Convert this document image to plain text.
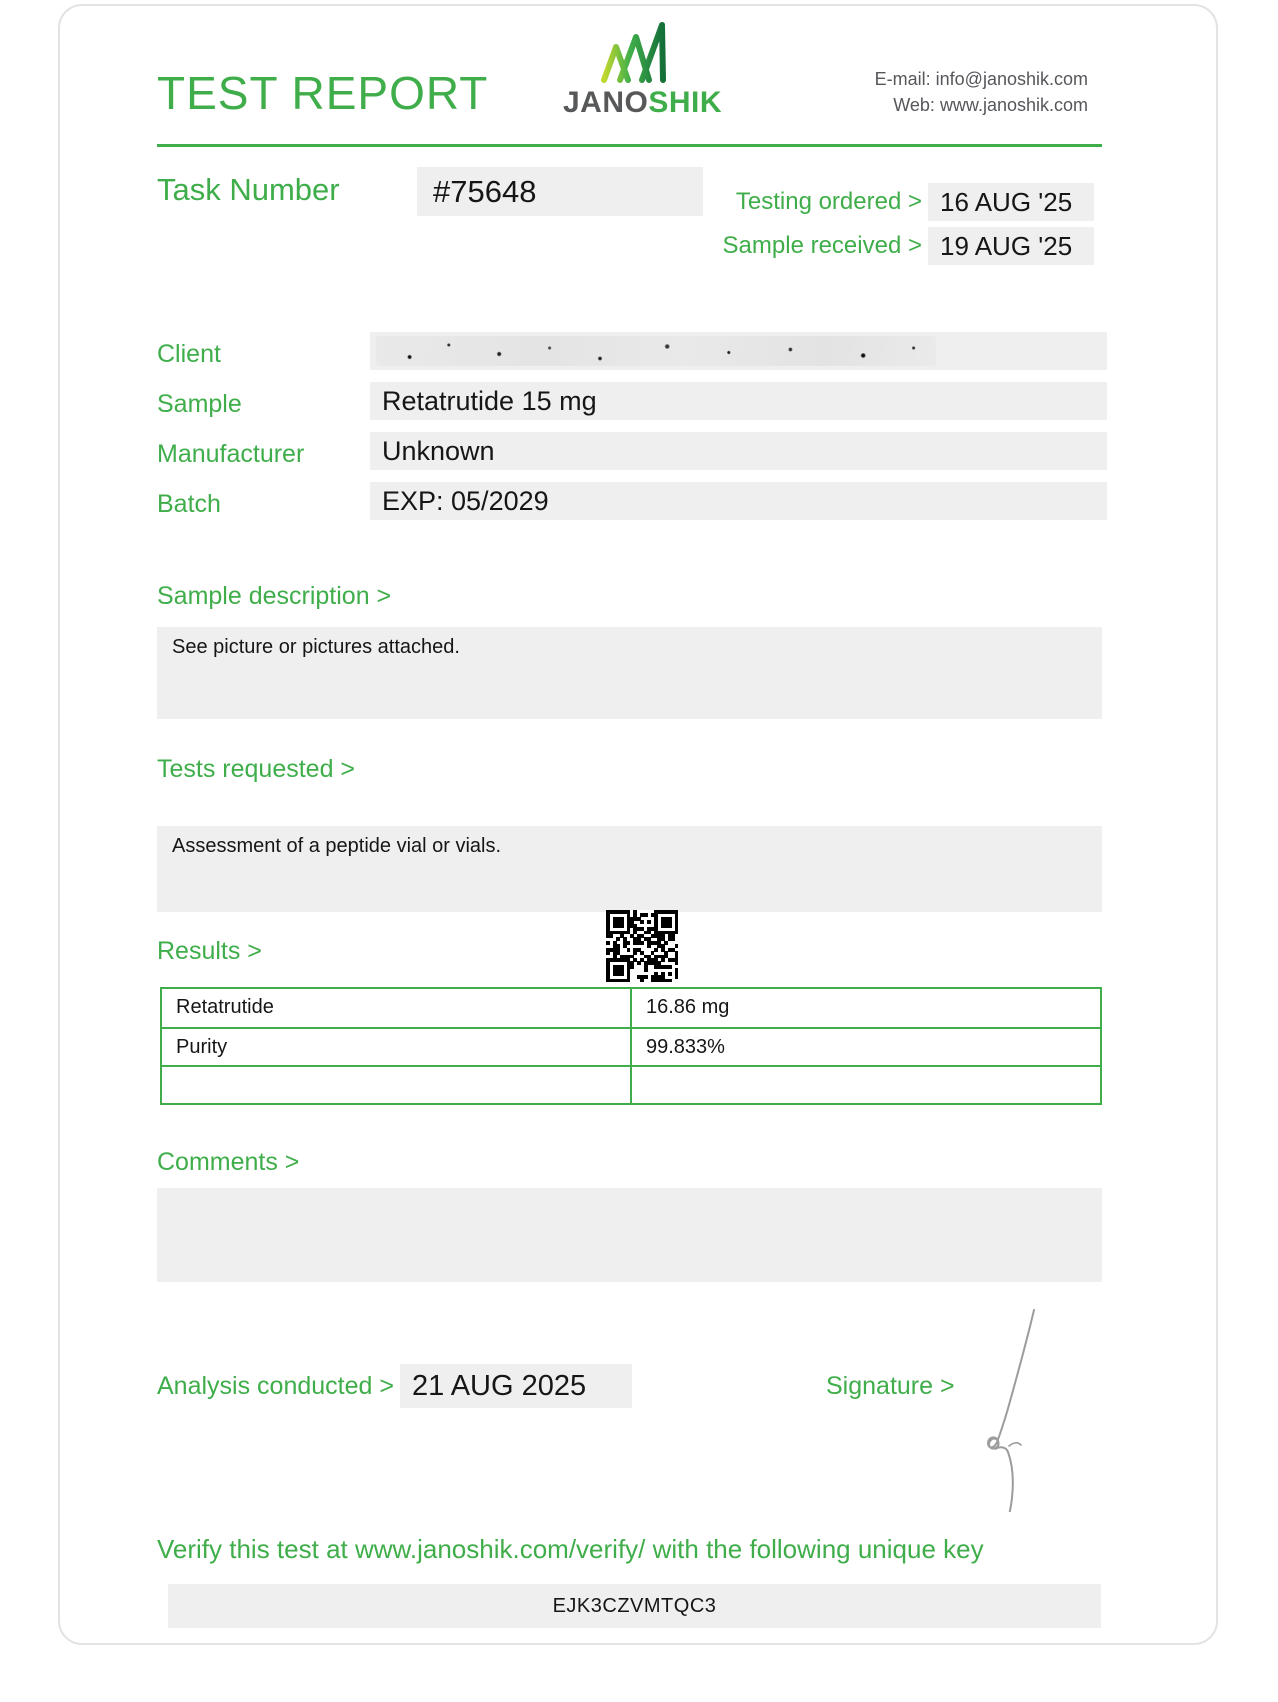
TEST REPORT JANOSHIK
E-mail: info@janoshik.com
Web: www.janoshik.com
Task Number	#75648	Testing ordered > 16 AUG '25
Sample received > 19 AUG '25
Client
Sample	Retatrutide 15 mg
Manufacturer	Unknown
Batch	EXP: 05/2029
Sample description >
See picture or pictures attached.
Tests requested >
Assessment of a peptide vial or vials.
Results >
Retatrutide	16.86 mg
Purity	99.833%
Comments >
Analysis conducted > 21 AUG 2025	Signature >
Verify this test at www.janoshik.com/verify/ with the following unique key
EJK3CZVMTQC3
